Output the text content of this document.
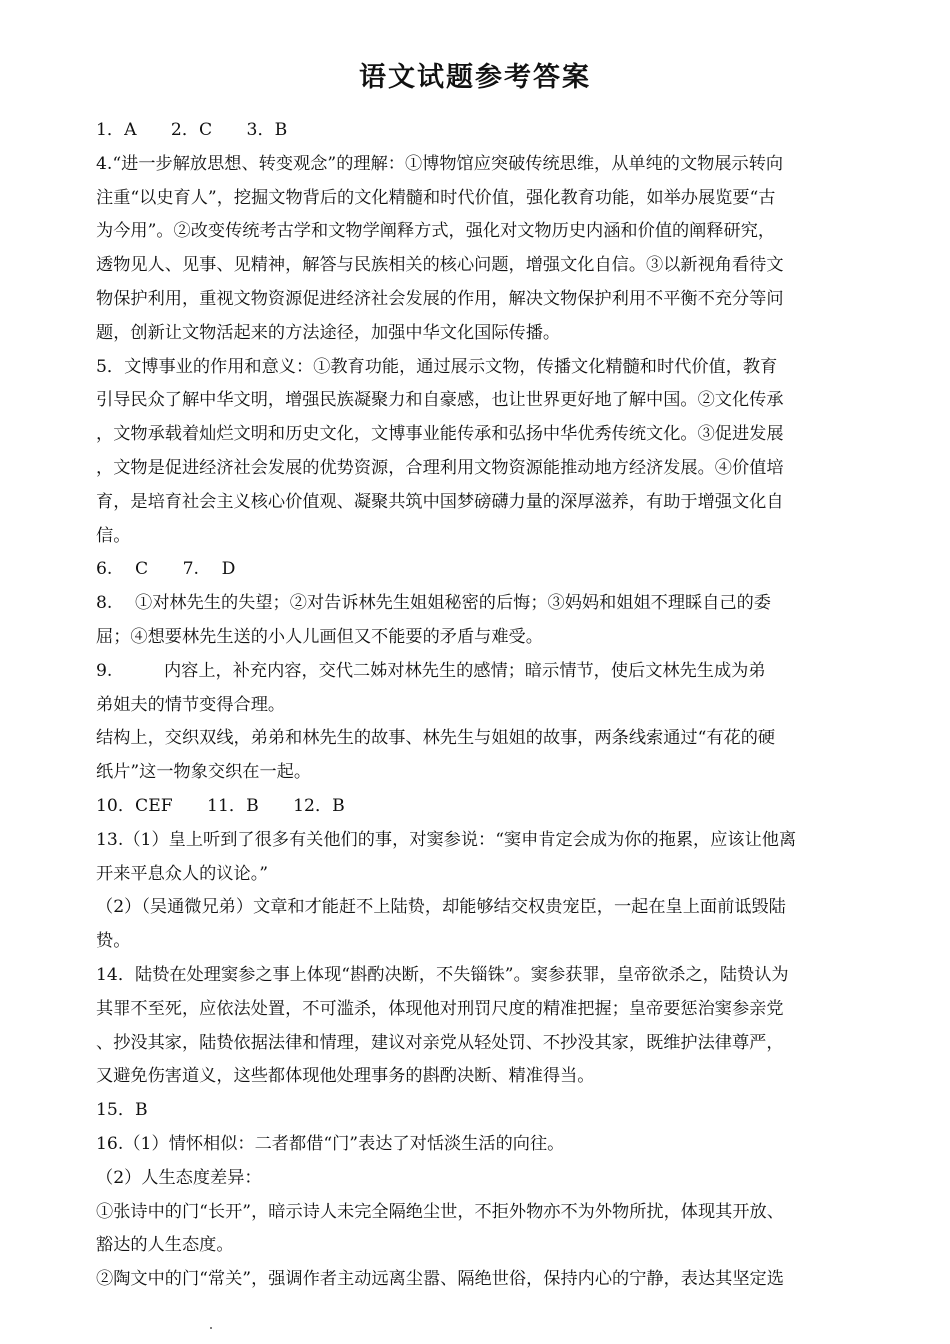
语文试题参考答案
1．A　　2．C　　3．B
4.“进一步解放思想、转变观念”的理解：①博物馆应突破传统思维，从单纯的文物展示转向
注重“以史育人”，挖掘文物背后的文化精髓和时代价值，强化教育功能，如举办展览要“古
为今用”。②改变传统考古学和文物学阐释方式，强化对文物历史内涵和价值的阐释研究，
透物见人、见事、见精神，解答与民族相关的核心问题，增强文化自信。③以新视角看待文
物保护利用，重视文物资源促进经济社会发展的作用，解决文物保护利用不平衡不充分等问
题，创新让文物活起来的方法途径，加强中华文化国际传播。
5．文博事业的作用和意义：①教育功能，通过展示文物，传播文化精髓和时代价值，教育
引导民众了解中华文明，增强民族凝聚力和自豪感，也让世界更好地了解中国。②文化传承
，文物承载着灿烂文明和历史文化，文博事业能传承和弘扬中华优秀传统文化。③促进发展
，文物是促进经济社会发展的优势资源，合理利用文物资源能推动地方经济发展。④价值培
育，是培育社会主义核心价值观、凝聚共筑中国梦磅礴力量的深厚滋养，有助于增强文化自
信。
6.　 C　　7.　 D
8.　 ①对林先生的失望；②对告诉林先生姐姐秘密的后悔；③妈妈和姐姐不理睬自己的委
屈；④想要林先生送的小人儿画但又不能要的矛盾与难受。
9.　　　内容上，补充内容，交代二姊对林先生的感情；暗示情节，使后文林先生成为弟
弟姐夫的情节变得合理。
结构上，交织双线，弟弟和林先生的故事、林先生与姐姐的故事，两条线索通过“有花的硬
纸片”这一物象交织在一起。
10．CEF　　11．B　　12．B
13.（1）皇上听到了很多有关他们的事，对窦参说：“窦申肯定会成为你的拖累，应该让他离
开来平息众人的议论。”
（2）（吴通微兄弟）文章和才能赶不上陆贽，却能够结交权贵宠臣，一起在皇上面前诋毁陆
贽。
14．陆贽在处理窦参之事上体现“斟酌决断，不失锱铢”。窦参获罪，皇帝欲杀之，陆贽认为
其罪不至死，应依法处置，不可滥杀，体现他对刑罚尺度的精准把握；皇帝要惩治窦参亲党
、抄没其家，陆贽依据法律和情理，建议对亲党从轻处罚、不抄没其家，既维护法律尊严，
又避免伤害道义，这些都体现他处理事务的斟酌决断、精准得当。
15．B
16.（1）情怀相似：二者都借“门”表达了对恬淡生活的向往。
（2）人生态度差异：
①张诗中的门“长开”，暗示诗人未完全隔绝尘世，不拒外物亦不为外物所扰，体现其开放、
豁达的人生态度。
②陶文中的门“常关”，强调作者主动远离尘嚣、隔绝世俗，保持内心的宁静，表达其坚定选
